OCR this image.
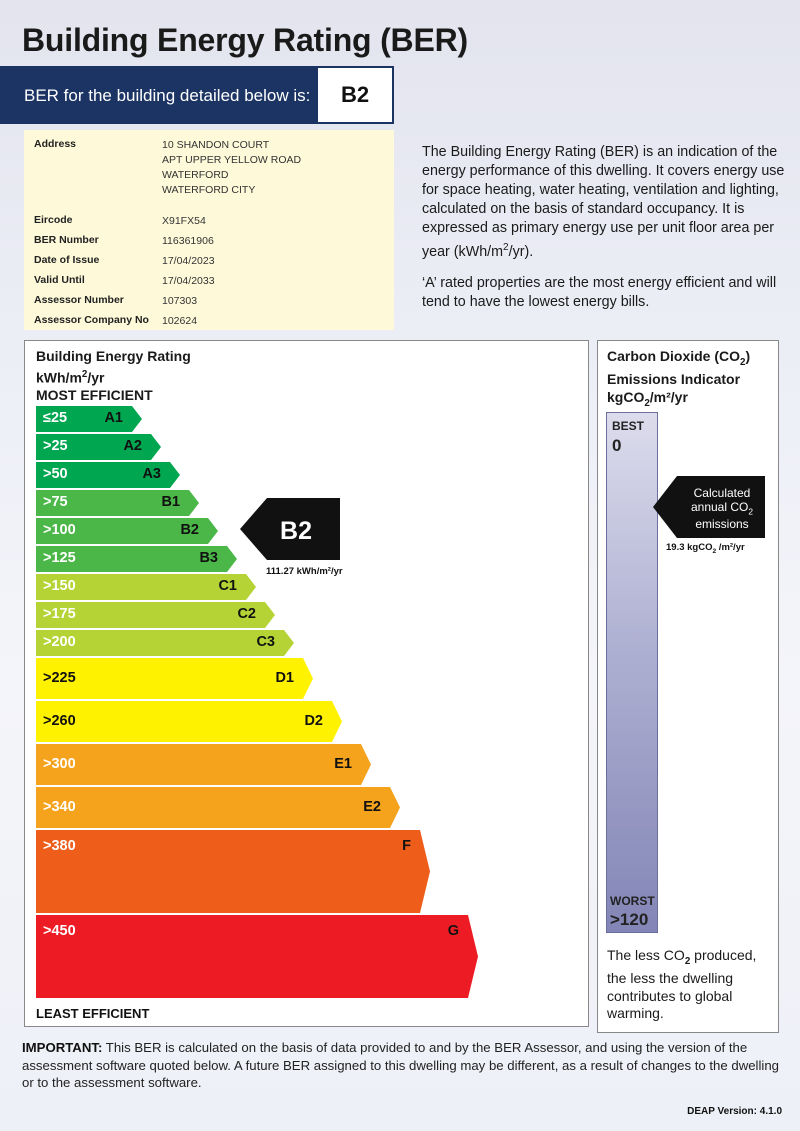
Building Energy Rating (BER)
BER for the building detailed below is:	B2
Address	10 SHANDON COURT
APT UPPER YELLOW ROAD
WATERFORD
WATERFORD CITY
Eircode	X91FX54
BER Number	116361906
Date of Issue	17/04/2023
Valid Until	17/04/2033
Assessor Number	107303
Assessor Company No	102624

The Building Energy Rating (BER) is an indication of the energy performance of this dwelling. It covers energy use for space heating, water heating, ventilation and lighting, calculated on the basis of standard occupancy. It is expressed as primary energy use per unit floor area per year $(kWh/m^2/yr)$.

‘A’ rated properties are the most energy efficient and will tend to have the lowest energy bills.

Building Energy Rating
kWh/$m^2/yr$
MOST EFFICIENT
≤25	A1
>25	A2
>50	A3
>75	B1
>100	B2
>125	B3
>150	C1
>175	C2
>200	C3
>225	D1
>260	D2
>300	E1
>340	E2
>380	F
>450	G
LEAST EFFICIENT
B2
111.27 kWh/m²/yr
Carbon Dioxide $(CO_2)$
Emissions Indicator
kgCO$_2$/m²/yr
BEST
0
WORST
>120
Calculated
annual $CO_2$
emissions
19.3 kgCO$_2$ /m²/yr
The less $CO_2$ produced, the less the dwelling contributes to global warming.
IMPORTANT: This BER is calculated on the basis of data provided to and by the BER Assessor, and using the version of the assessment software quoted below. A future BER assigned to this dwelling may be different, as a result of changes to the dwelling or to the assessment software.
DEAP Version: 4.1.0
